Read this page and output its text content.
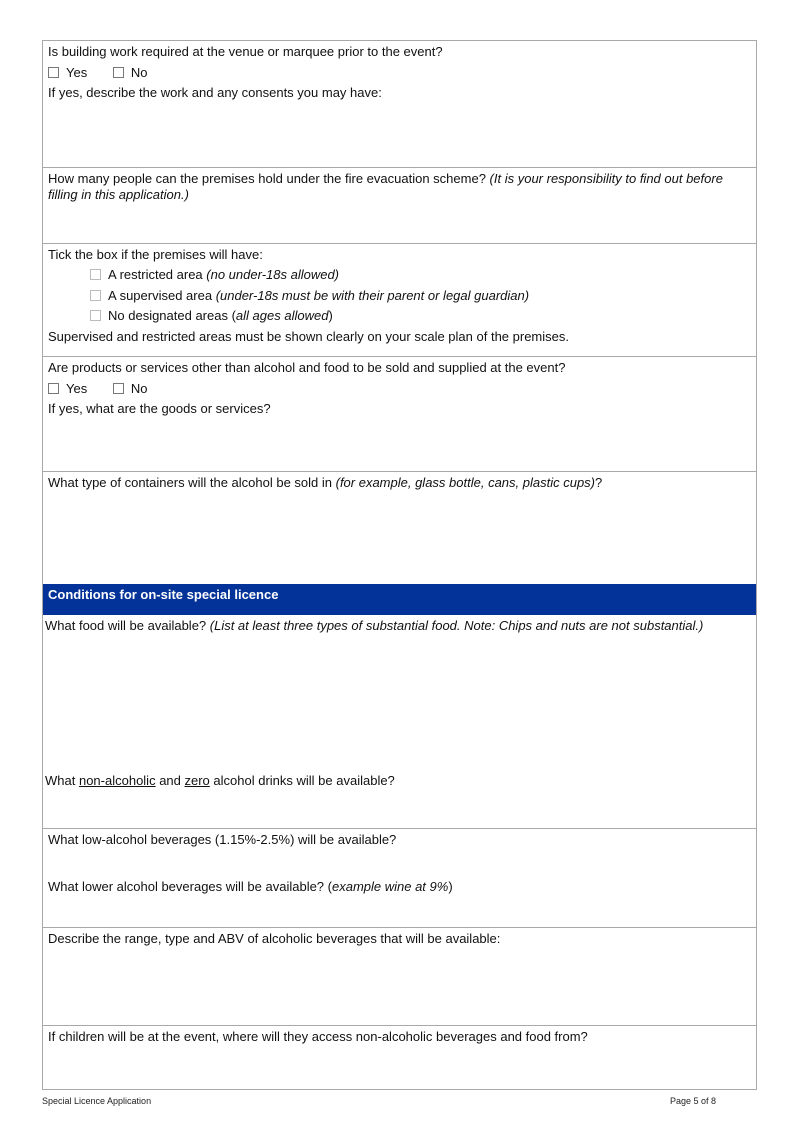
Is building work required at the venue or marquee prior to the event?
Yes	No
If yes, describe the work and any consents you may have:
How many people can the premises hold under the fire evacuation scheme? (It is your responsibility to find out before filling in this application.)
Tick the box if the premises will have:
A restricted area (no under-18s allowed)
A supervised area (under-18s must be with their parent or legal guardian)
No designated areas (all ages allowed)
Supervised and restricted areas must be shown clearly on your scale plan of the premises.
Are products or services other than alcohol and food to be sold and supplied at the event?
Yes	No
If yes, what are the goods or services?
What type of containers will the alcohol be sold in (for example, glass bottle, cans, plastic cups)?
Conditions for on-site special licence
What food will be available? (List at least three types of substantial food. Note: Chips and nuts are not substantial.)
What non-alcoholic and zero alcohol drinks will be available?
What low-alcohol beverages (1.15%-2.5%) will be available?
What lower alcohol beverages will be available? (example wine at 9%)
Describe the range, type and ABV of alcoholic beverages that will be available:
If children will be at the event, where will they access non-alcoholic beverages and food from?
Special Licence Application	Page 5 of 8
